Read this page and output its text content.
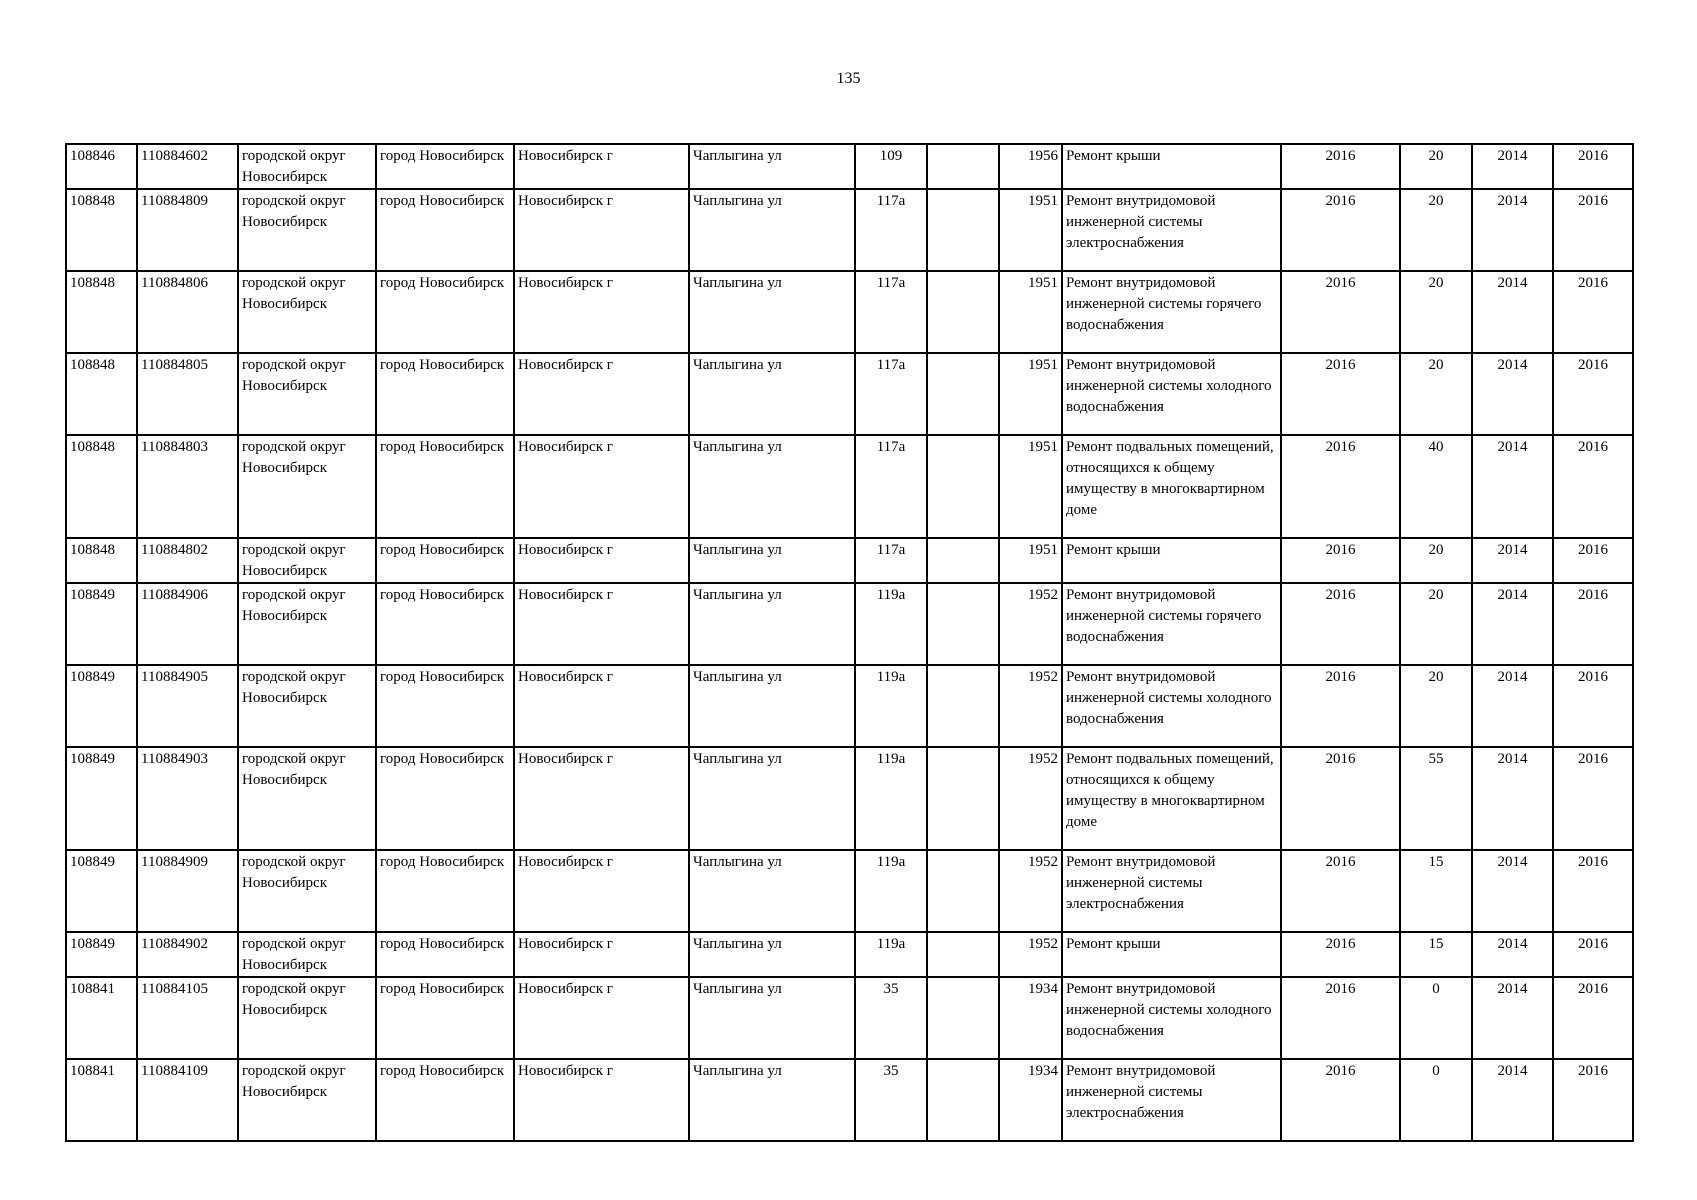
135
108846	110884602	городской округ Новосибирск	город Новосибирск	Новосибирск г	Чаплыгина ул	109		1956	Ремонт крыши	2016	20	2014	2016
108848	110884809	городской округ Новосибирск	город Новосибирск	Новосибирск г	Чаплыгина ул	117а		1951	Ремонт внутридомовой инженерной системы электроснабжения	2016	20	2014	2016
108848	110884806	городской округ Новосибирск	город Новосибирск	Новосибирск г	Чаплыгина ул	117а		1951	Ремонт внутридомовой инженерной системы горячего водоснабжения	2016	20	2014	2016
108848	110884805	городской округ Новосибирск	город Новосибирск	Новосибирск г	Чаплыгина ул	117а		1951	Ремонт внутридомовой инженерной системы холодного водоснабжения	2016	20	2014	2016
108848	110884803	городской округ Новосибирск	город Новосибирск	Новосибирск г	Чаплыгина ул	117а		1951	Ремонт подвальных помещений, относящихся к общему имуществу в многоквартирном доме	2016	40	2014	2016
108848	110884802	городской округ Новосибирск	город Новосибирск	Новосибирск г	Чаплыгина ул	117а		1951	Ремонт крыши	2016	20	2014	2016
108849	110884906	городской округ Новосибирск	город Новосибирск	Новосибирск г	Чаплыгина ул	119а		1952	Ремонт внутридомовой инженерной системы горячего водоснабжения	2016	20	2014	2016
108849	110884905	городской округ Новосибирск	город Новосибирск	Новосибирск г	Чаплыгина ул	119а		1952	Ремонт внутридомовой инженерной системы холодного водоснабжения	2016	20	2014	2016
108849	110884903	городской округ Новосибирск	город Новосибирск	Новосибирск г	Чаплыгина ул	119а		1952	Ремонт подвальных помещений, относящихся к общему имуществу в многоквартирном доме	2016	55	2014	2016
108849	110884909	городской округ Новосибирск	город Новосибирск	Новосибирск г	Чаплыгина ул	119а		1952	Ремонт внутридомовой инженерной системы электроснабжения	2016	15	2014	2016
108849	110884902	городской округ Новосибирск	город Новосибирск	Новосибирск г	Чаплыгина ул	119а		1952	Ремонт крыши	2016	15	2014	2016
108841	110884105	городской округ Новосибирск	город Новосибирск	Новосибирск г	Чаплыгина ул	35		1934	Ремонт внутридомовой инженерной системы холодного водоснабжения	2016	0	2014	2016
108841	110884109	городской округ Новосибирск	город Новосибирск	Новосибирск г	Чаплыгина ул	35		1934	Ремонт внутридомовой инженерной системы электроснабжения	2016	0	2014	2016
